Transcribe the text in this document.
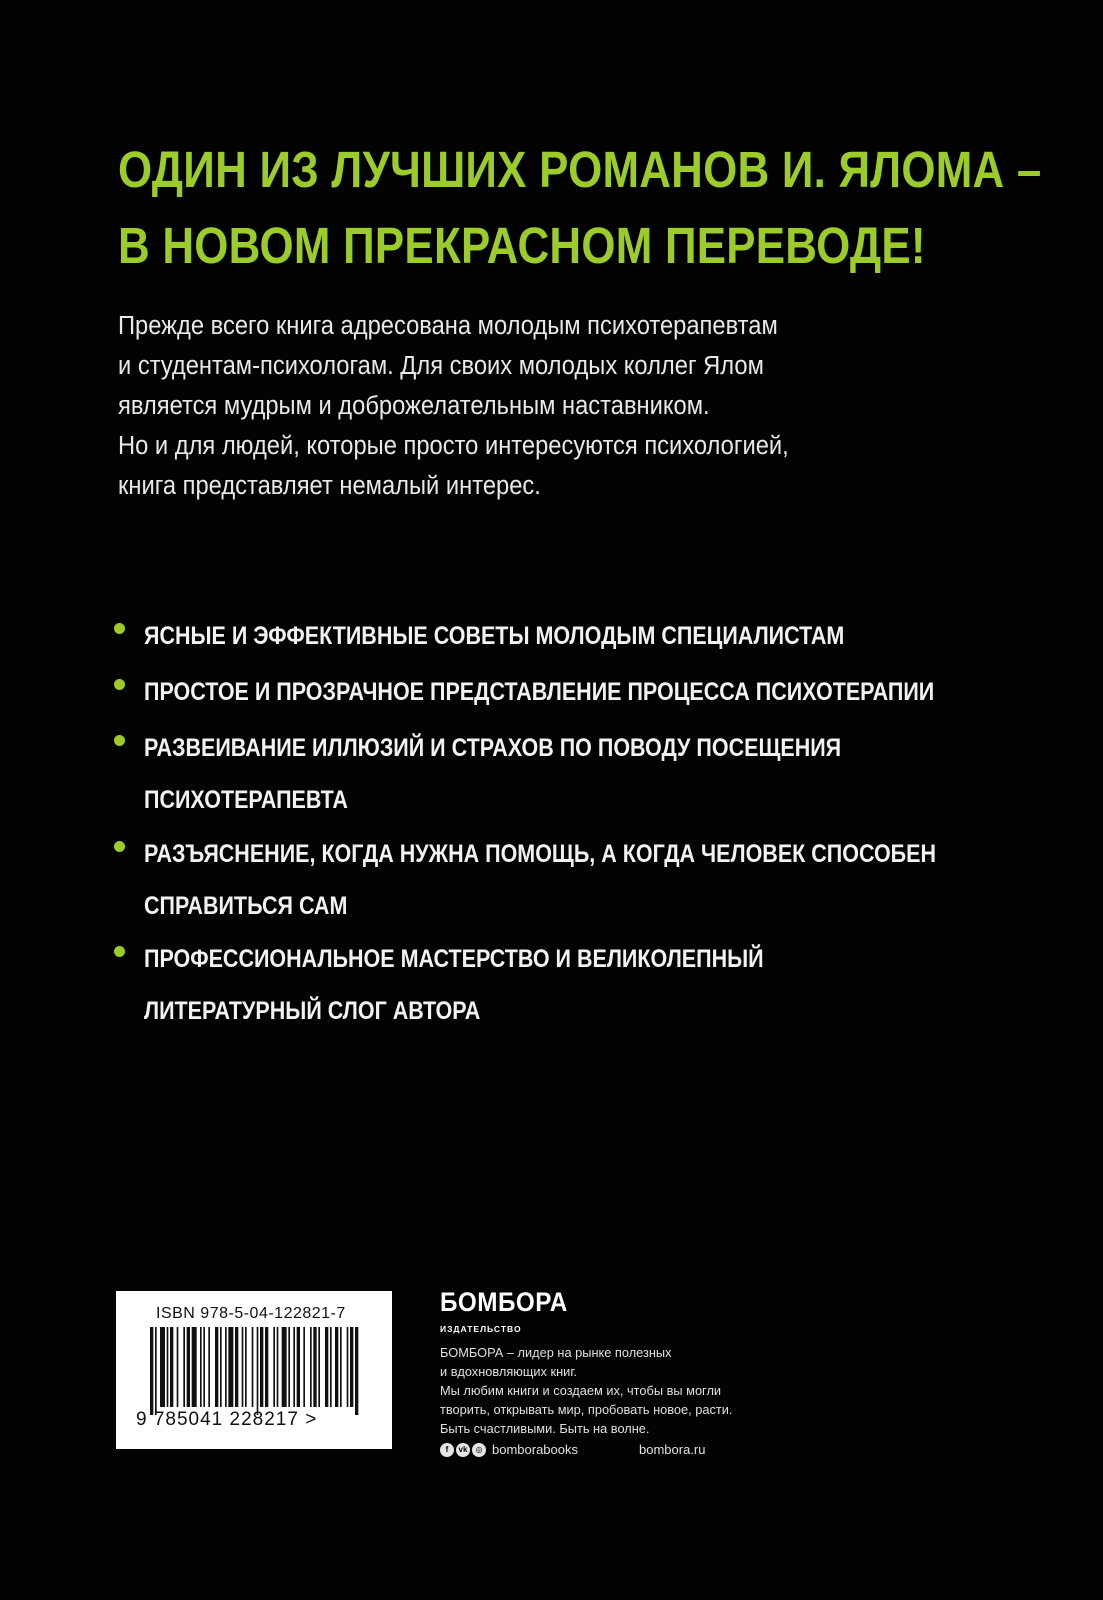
ОДИН ИЗ ЛУЧШИХ РОМАНОВ И. ЯЛОМА –
В НОВОМ ПРЕКРАСНОМ ПЕРЕВОДЕ!
Прежде всего книга адресована молодым психотерапевтам
и студентам-психологам. Для своих молодых коллег Ялом
является мудрым и доброжелательным наставником.
Но и для людей, которые просто интересуются психологией,
книга представляет немалый интерес.
ЯСНЫЕ И ЭФФЕКТИВНЫЕ СОВЕТЫ МОЛОДЫМ СПЕЦИАЛИСТАМ
ПРОСТОЕ И ПРОЗРАЧНОЕ ПРЕДСТАВЛЕНИЕ ПРОЦЕССА ПСИХОТЕРАПИИ
РАЗВЕИВАНИЕ ИЛЛЮЗИЙ И СТРАХОВ ПО ПОВОДУ ПОСЕЩЕНИЯ
ПСИХОТЕРАПЕВТА
РАЗЪЯСНЕНИЕ, КОГДА НУЖНА ПОМОЩЬ, А КОГДА ЧЕЛОВЕК СПОСОБЕН
СПРАВИТЬСЯ САМ
ПРОФЕССИОНАЛЬНОЕ МАСТЕРСТВО И ВЕЛИКОЛЕПНЫЙ
ЛИТЕРАТУРНЫЙ СЛОГ АВТОРА
ISBN 978-5-04-122821-7
9 785041 228217 >
БОМБОРА
ИЗДАТЕЛЬСТВО
БОМБОРА – лидер на рынке полезных
и вдохновляющих книг.
Мы любим книги и создаем их, чтобы вы могли
творить, открывать мир, пробовать новое, расти.
Быть счастливыми. Быть на волне.
f	vk	◎ bomborabooks	bombora.ru
